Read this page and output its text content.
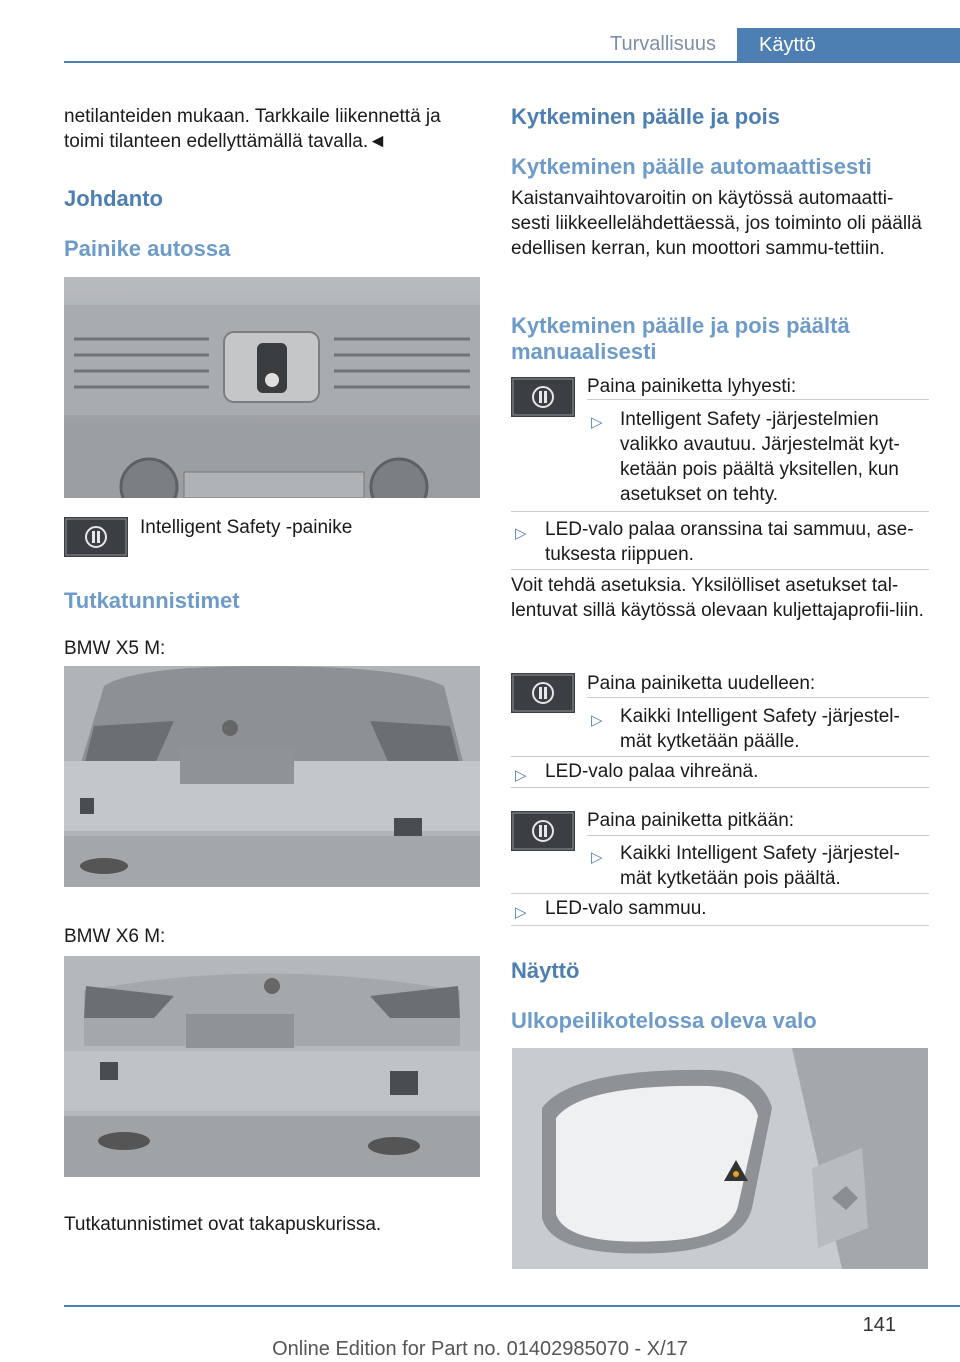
Turvallisuus	Käyttö

netilanteiden mukaan. Tarkkaile liikennettä ja toimi tilanteen edellyttämällä tavalla.◄

Johdanto
Painike autossa

Intelligent Safety -painike

Tutkatunnistimet

BMW X5 M:

BMW X6 M:

Tutkatunnistimet ovat takapuskurissa.

Kytkeminen päälle ja pois
Kytkeminen päälle automaattisesti

Kaistanvaihtovaroitin on käytössä automaatti‐sesti liikkeellelähdettäessä, jos toiminto oli päällä edellisen kerran, kun moottori sammu‐tettiin.

Kytkeminen päälle ja pois päältä manuaalisesti

Paina painiketta lyhyesti:

▷ Intelligent Safety -järjestelmien valikko avautuu. Järjestelmät kyt‐ketään pois päältä yksitellen, kun asetukset on tehty.

▷ LED-valo palaa oranssina tai sammuu, ase‐tuksesta riippuen.

Voit tehdä asetuksia. Yksilölliset asetukset tal‐lentuvat sillä käytössä olevaan kuljettajaprofii‐liin.

Paina painiketta uudelleen:

▷ Kaikki Intelligent Safety -järjestel‐mät kytketään päälle.

▷ LED-valo palaa vihreänä.

Paina painiketta pitkään:

▷ Kaikki Intelligent Safety -järjestel‐mät kytketään pois päältä.

▷ LED-valo sammuu.

Näyttö
Ulkopeilikotelossa oleva valo
141
Online Edition for Part no. 01402985070 - X/17
